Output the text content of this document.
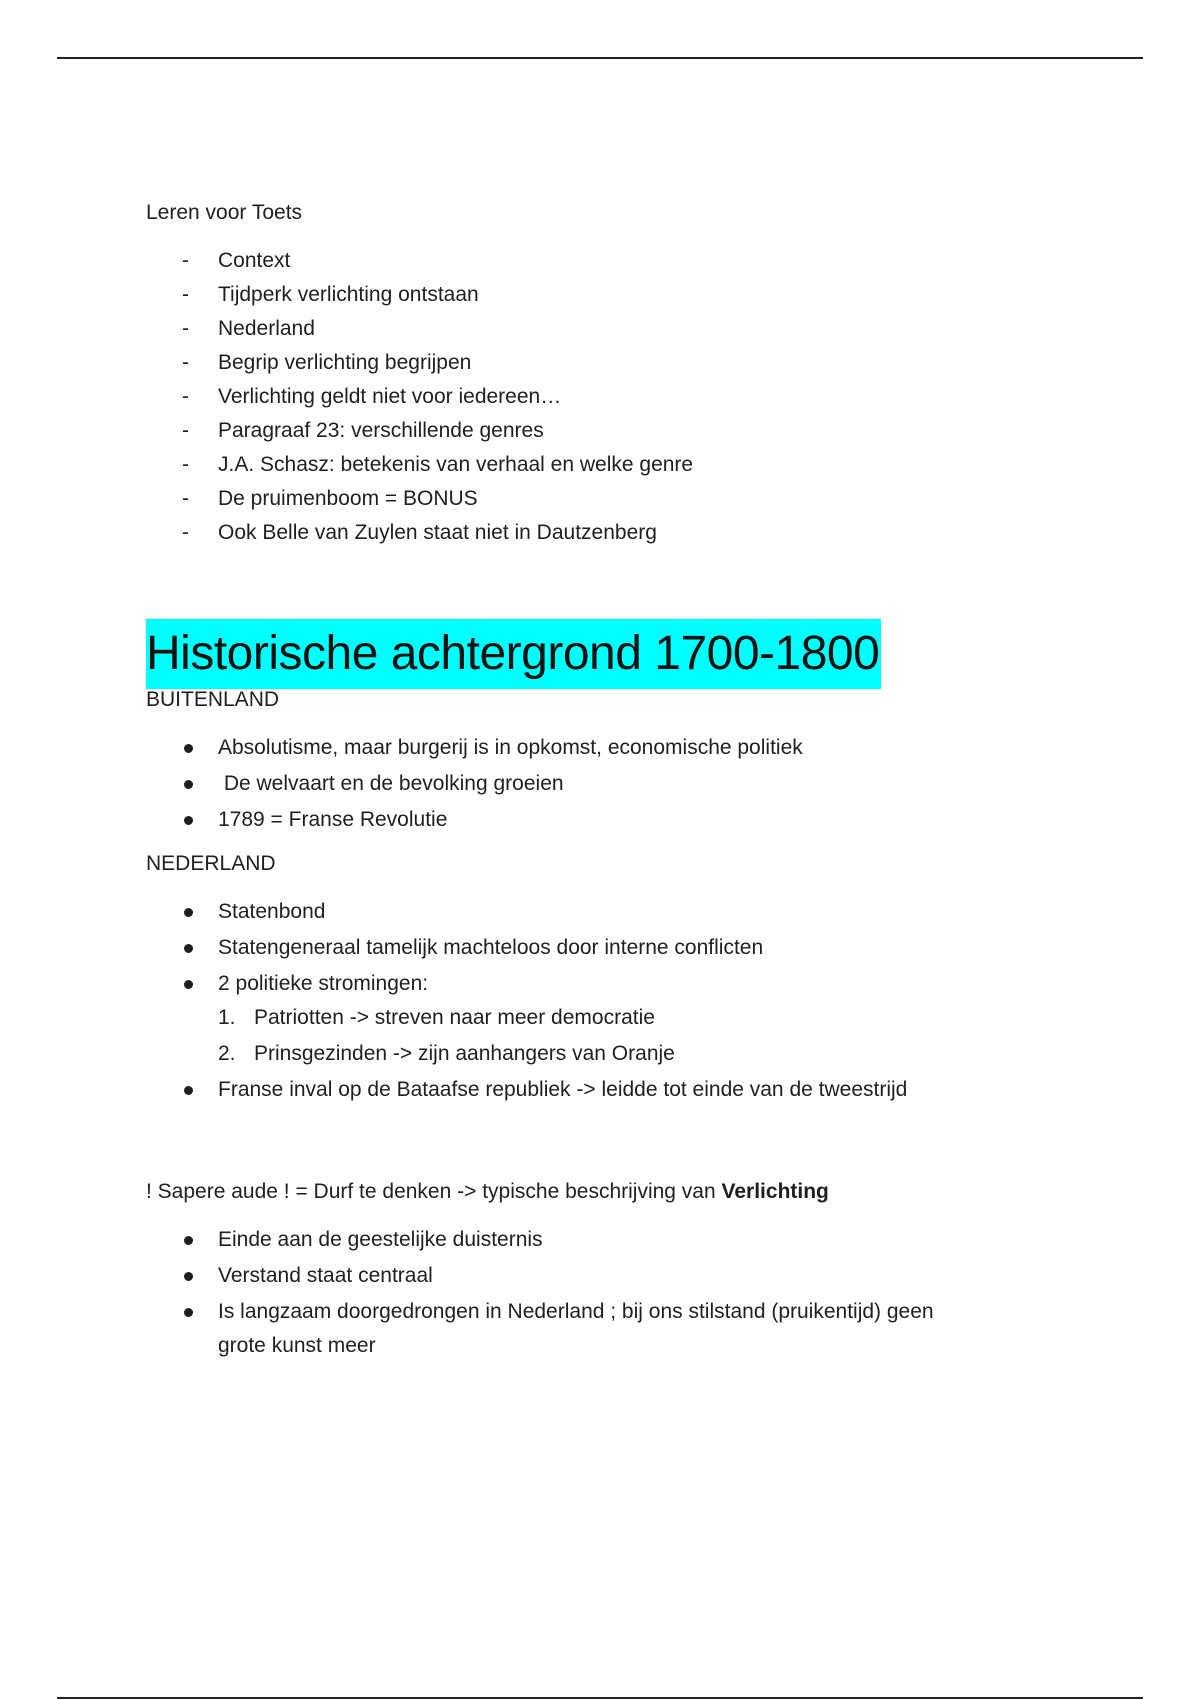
Leren voor Toets

- Context
- Tijdperk verlichting ontstaan
- Nederland
- Begrip verlichting begrijpen
- Verlichting geldt niet voor iedereen…
- Paragraaf 23: verschillende genres
- J.A. Schasz: betekenis van verhaal en welke genre
- De pruimenboom = BONUS
- Ook Belle van Zuylen staat niet in Dautzenberg
Historische achtergrond 1700-1800

BUITENLAND

Absolutisme, maar burgerij is in opkomst, economische politiek
De welvaart en de bevolking groeien
1789 = Franse Revolutie

NEDERLAND

Statenbond
Statengeneraal tamelijk machteloos door interne conflicten
2 politieke stromingen:
1. Patriotten -> streven naar meer democratie
2. Prinsgezinden -> zijn aanhangers van Oranje
Franse inval op de Bataafse republiek -> leidde tot einde van de tweestrijd

! Sapere aude ! = Durf te denken -> typische beschrijving van Verlichting

Einde aan de geestelijke duisternis
Verstand staat centraal
Is langzaam doorgedrongen in Nederland ; bij ons stilstand (pruikentijd) geen grote kunst meer
